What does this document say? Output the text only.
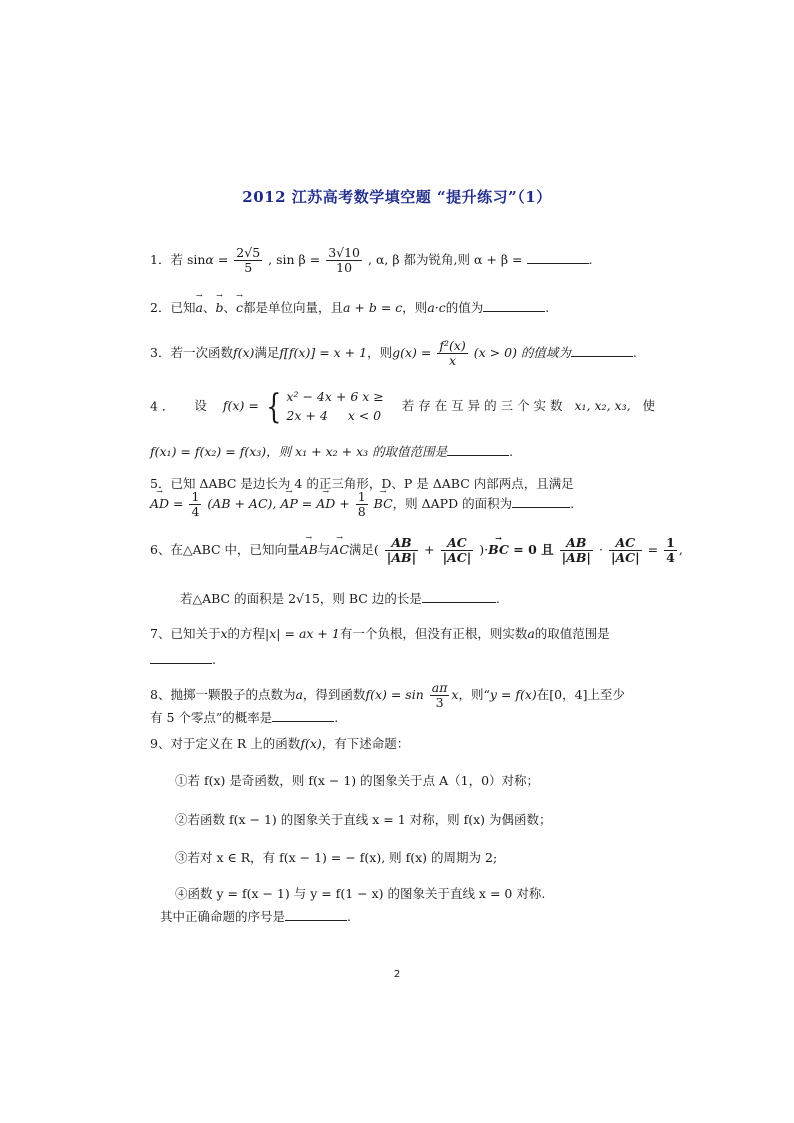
2012 江苏高考数学填空题 “提升练习”（1）
1．若 $\sin\alpha = \frac{2√5}{5}$ , $\sin \beta = \frac{3√10}{10}$ , α, β 都为锐角,则 α + β =	.
2．已知→ a、→ b、→ c都是单位向量，且a + b = c，则a·c的值为	.
3．若一次函数f(x)满足f[f(x)] = x + 1，则$g(x) = \frac{\text{f²(x)}}{x} (x > 0)$ 的值域为	.
4 ． 设 f(x) = { x² − 4x + 6 x ≥
2x + 4 x < 0
若 存 在 互 异 的 三 个 实 数 x₁, x₂, x₃, 使
f(x₁) = f(x₂) = f(x₃)，则 x₁ + x₂ + x₃ 的取值范围是	.
5．已知 ΔABC 是边长为 4 的正三角形，D、P 是 ΔABC 内部两点，且满足
→ AD = $\frac{1}{4} (AB + AC)$, → AP = → AD + $\frac{1}{8}$ → BC，则 ΔAPD 的面积为	.
6、在△ABC 中，已知向量→ AB与→ AC满足( $\frac{AB}{|AB|} + \frac{AC}{|AC|}$ )·→ BC = 0 且 $\frac{AB}{|AB|} \cdot \frac{AC}{|AC|} = \frac{1}{4}$ ,
若△ABC 的面积是 2√15，则 BC 边的长是	.
7、已知关于x的方程|x| = ax + 1有一个负根，但没有正根，则实数a的取值范围是
.
8、抛掷一颗骰子的点数为a，得到函数$f(x) = \sin \frac{a\pi}{3}$ x，则“y = f(x)在[0，4]上至少
有 5 个零点”的概率是	.
9、对于定义在 R 上的函数f(x)，有下述命题：
①若 f(x) 是奇函数，则 f(x − 1) 的图象关于点 A（1，0）对称；
②若函数 f(x − 1) 的图象关于直线 x = 1 对称，则 f(x) 为偶函数；
③若对 x ∈ R，有 f(x − 1) = − f(x), 则 f(x) 的周期为 2;
④函数 y = f(x − 1) 与 y = f(1 − x) 的图象关于直线 x = 0 对称.
其中正确命题的序号是	.
2
